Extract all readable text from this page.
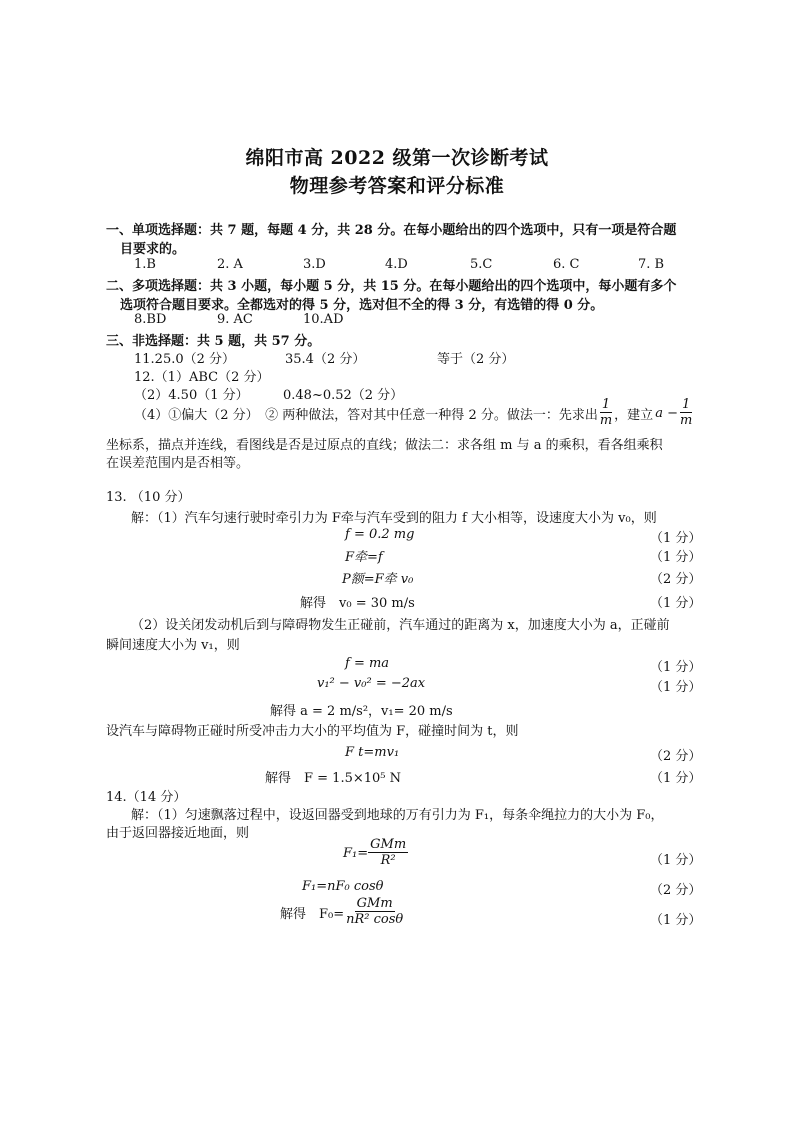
绵阳市高 2022 级第一次诊断考试
物理参考答案和评分标准
一、单项选择题：共 7 题，每题 4 分，共 28 分。在每小题给出的四个选项中，只有一项是符合题
目要求的。
1.B	2. A	3.D	4.D	5.C	6. C	7. B
二、多项选择题：共 3 小题，每小题 5 分，共 15 分。在每小题给出的四个选项中，每小题有多个
选项符合题目要求。全都选对的得 5 分，选对但不全的得 3 分，有选错的得 0 分。
8.BD	9. AC	10.AD
三、非选择题：共 5 题，共 57 分。
11.25.0（2 分）	35.4（2 分）	等于（2 分）
12.（1）ABC（2 分）
（2）4.50（1 分）	0.48~0.52（2 分）
（4）①偏大（2 分）　② 两种做法，答对其中任意一种得 2 分。做法一：先求出 $\frac{1}{m}$ ，建立 $a - \frac{1}{m}$
坐标系，描点并连线，看图线是否是过原点的直线；做法二：求各组 m 与 a 的乘积，看各组乘积
在误差范围内是否相等。
13. （10 分）
解：（1）汽车匀速行驶时牵引力为 F牵与汽车受到的阻力 f 大小相等，设速度大小为 v₀，则
f = 0.2 mg	（1 分）
F牵=f	（1 分）
P额=F牵 v₀	（2 分）
解得　v₀ = 30 m/s	（1 分）
（2）设关闭发动机后到与障碍物发生正碰前，汽车通过的距离为 x，加速度大小为 a，正碰前
瞬间速度大小为 v₁，则
f = ma	（1 分）
v₁² − v₀² = −2ax	（1 分）
解得 a = 2 m/s²，v₁= 20 m/s
设汽车与障碍物正碰时所受冲击力大小的平均值为 F，碰撞时间为 t，则
F t=mv₁	（2 分）
解得　F = 1.5×10⁵ N	（1 分）
14.（14 分）
解：（1）匀速飘落过程中，设返回器受到地球的万有引力为 F₁，每条伞绳拉力的大小为 F₀，
由于返回器接近地面，则
$F_1= \frac{\text{GMm}}{\text{R²}}$	（1 分）
F₁=nF₀ cosθ	（2 分）
解得　$F_0= \frac{\text{GMm}}{\text{nR² cosθ}}$	（1 分）
